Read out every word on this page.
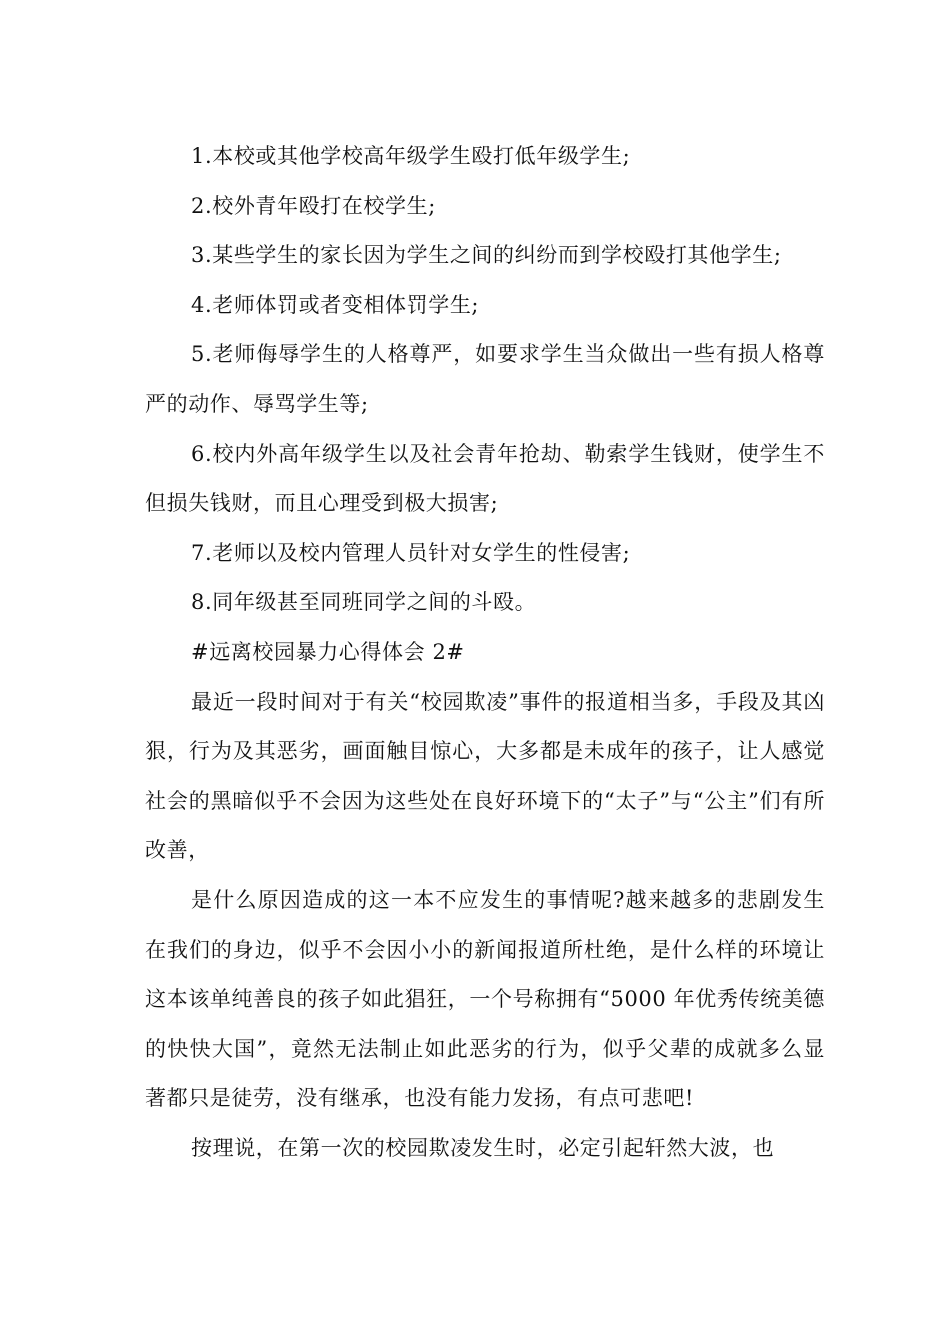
1.本校或其他学校高年级学生殴打低年级学生;

2.校外青年殴打在校学生;

3.某些学生的家长因为学生之间的纠纷而到学校殴打其他学生;

4.老师体罚或者变相体罚学生;

5.老师侮辱学生的人格尊严，如要求学生当众做出一些有损人格尊严的动作、辱骂学生等;

6.校内外高年级学生以及社会青年抢劫、勒索学生钱财，使学生不但损失钱财，而且心理受到极大损害;

7.老师以及校内管理人员针对女学生的性侵害;

8.同年级甚至同班同学之间的斗殴。

#远离校园暴力心得体会 2#

最近一段时间对于有关“校园欺凌”事件的报道相当多，手段及其凶狠，行为及其恶劣，画面触目惊心，大多都是未成年的孩子，让人感觉社会的黑暗似乎不会因为这些处在良好环境下的“太子”与“公主”们有所改善，

是什么原因造成的这一本不应发生的事情呢?越来越多的悲剧发生在我们的身边，似乎不会因小小的新闻报道所杜绝，是什么样的环境让这本该单纯善良的孩子如此猖狂，一个号称拥有“5000 年优秀传统美德的快快大国”，竟然无法制止如此恶劣的行为，似乎父辈的成就多么显著都只是徒劳，没有继承，也没有能力发扬，有点可悲吧!

按理说，在第一次的校园欺凌发生时，必定引起轩然大波，也
